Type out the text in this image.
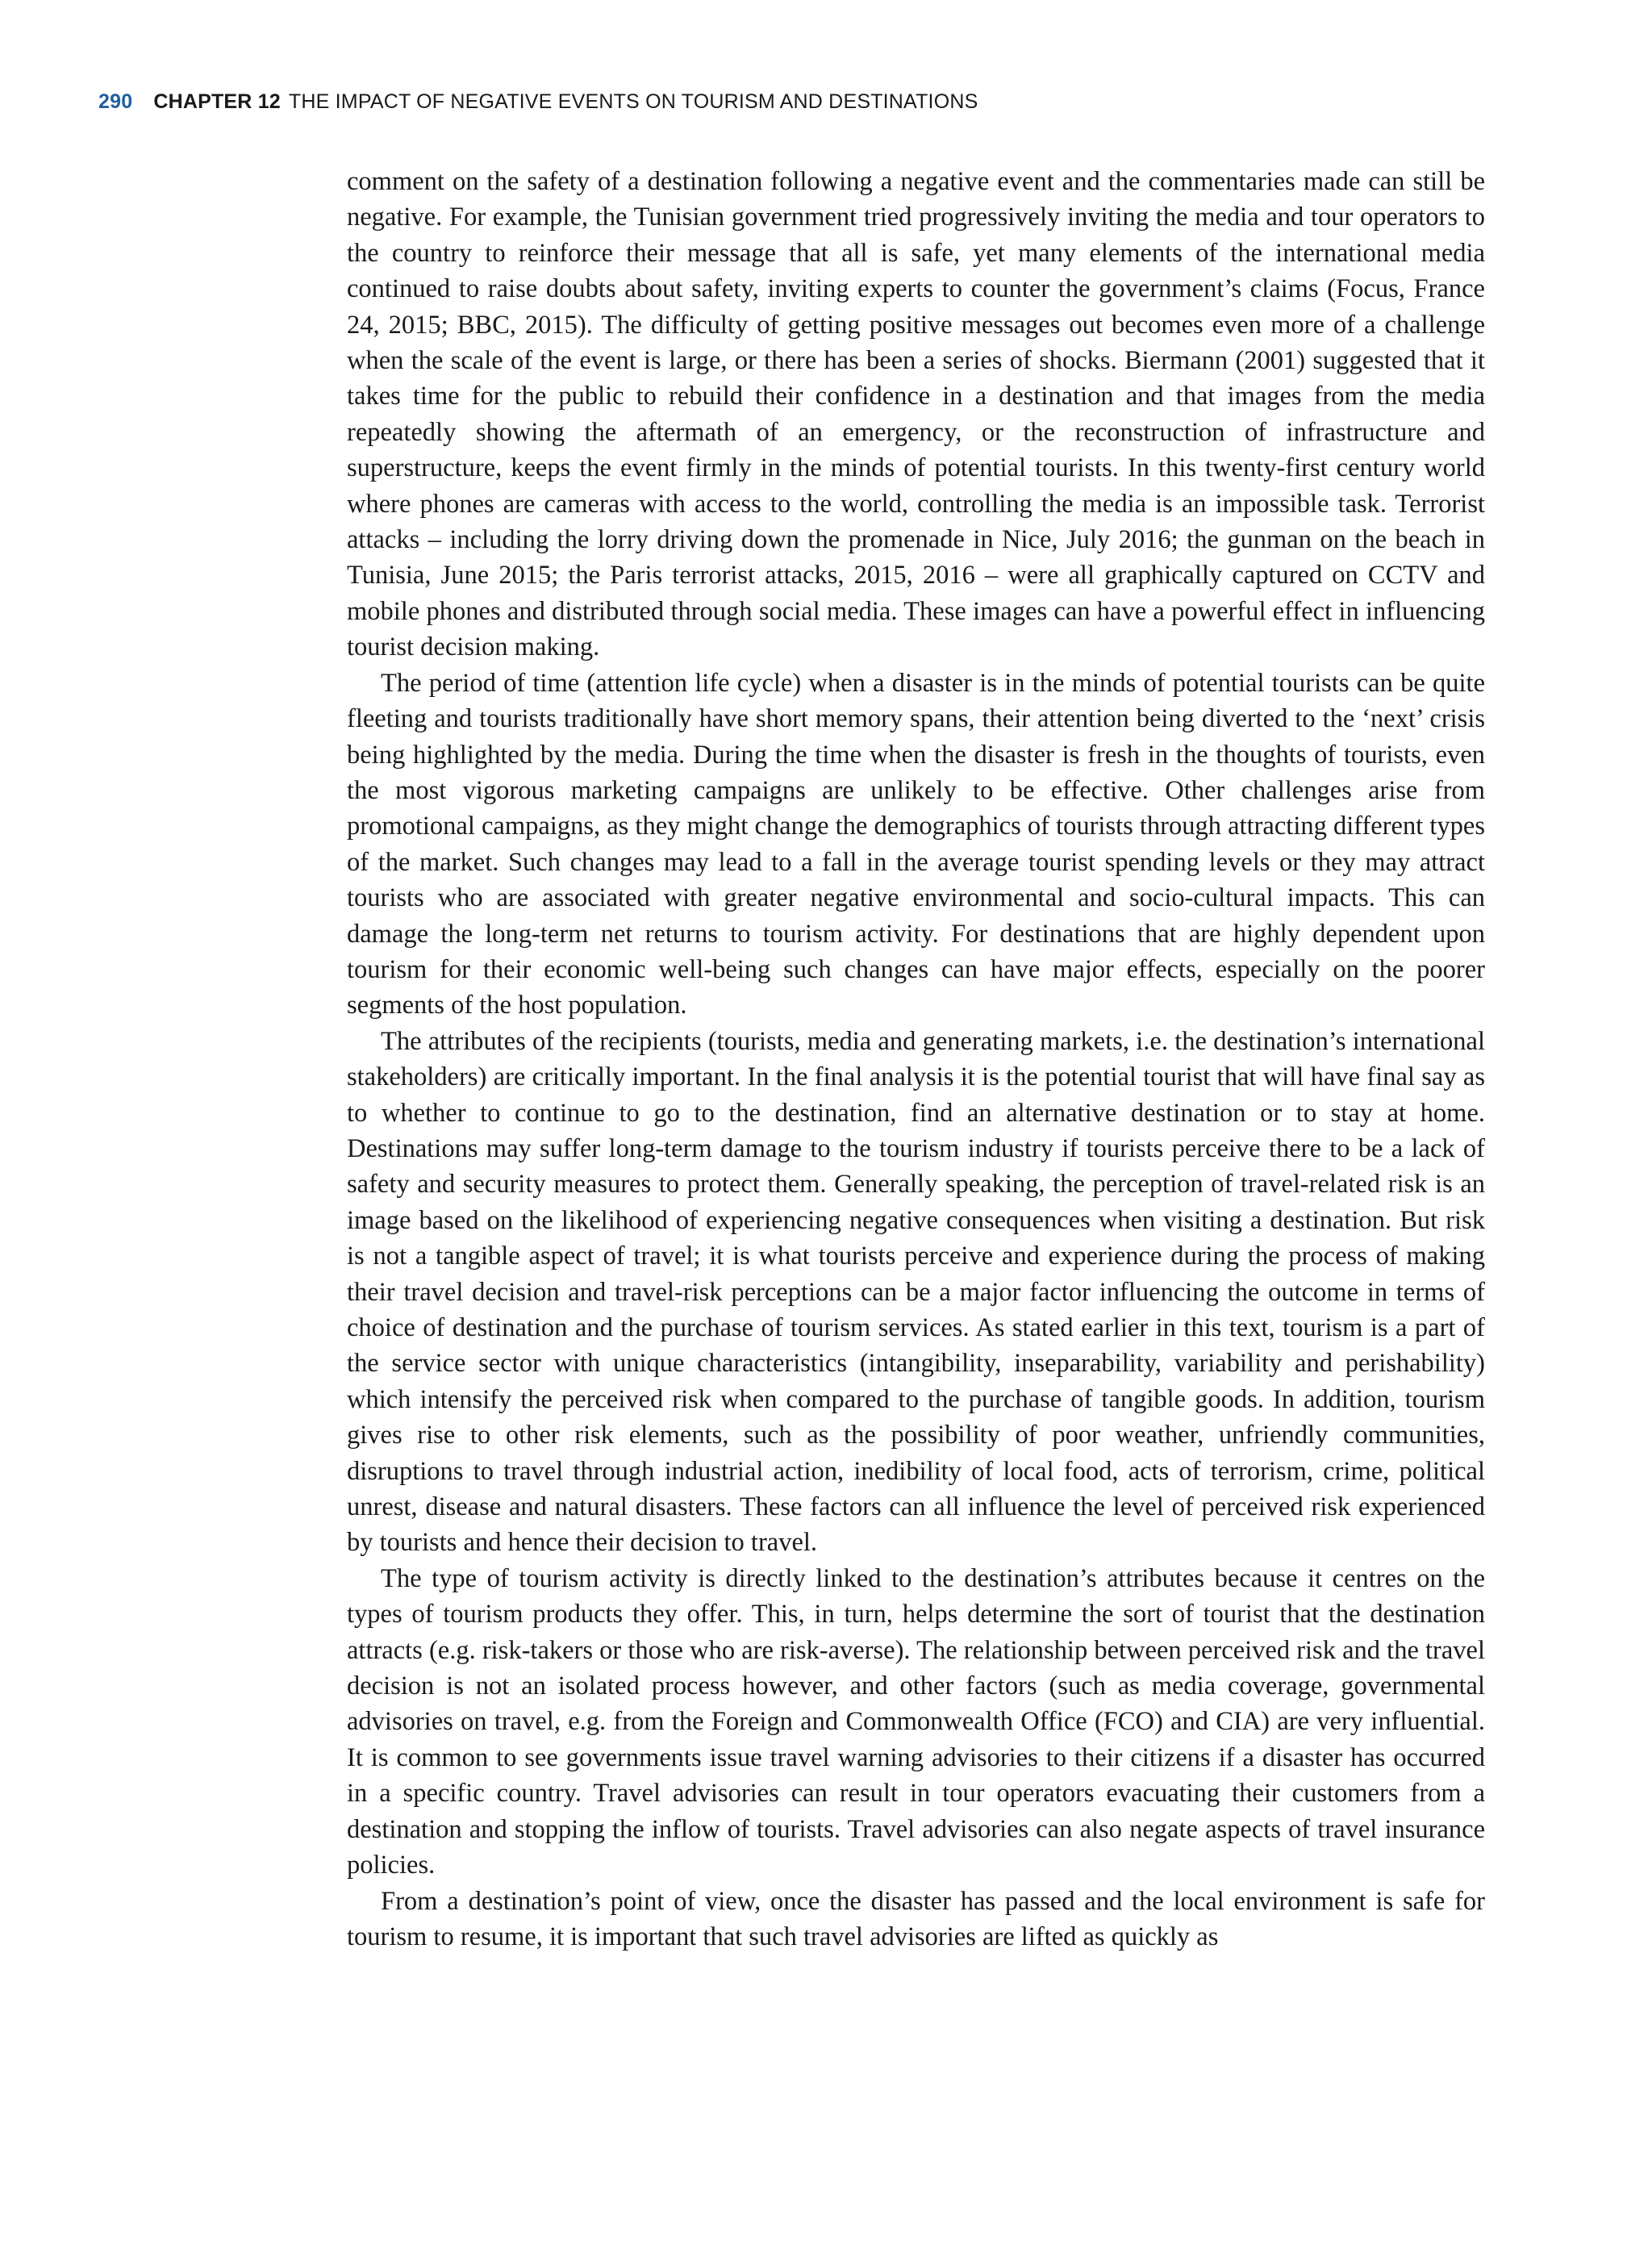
290 CHAPTER 12 THE IMPACT OF NEGATIVE EVENTS ON TOURISM AND DESTINATIONS

comment on the safety of a destination following a negative event and the commentaries made can still be negative. For example, the Tunisian government tried progressively inviting the media and tour operators to the country to reinforce their message that all is safe, yet many elements of the international media continued to raise doubts about safety, inviting experts to counter the government’s claims (Focus, France 24, 2015; BBC, 2015). The difficulty of getting positive messages out becomes even more of a challenge when the scale of the event is large, or there has been a series of shocks. Biermann (2001) suggested that it takes time for the public to rebuild their confidence in a destination and that images from the media repeatedly showing the aftermath of an emergency, or the reconstruction of infrastructure and superstructure, keeps the event firmly in the minds of potential tourists. In this twenty-first century world where phones are cameras with access to the world, controlling the media is an impossible task. Terrorist attacks – including the lorry driving down the promenade in Nice, July 2016; the gunman on the beach in Tunisia, June 2015; the Paris terrorist attacks, 2015, 2016 – were all graphically captured on CCTV and mobile phones and distributed through social media. These images can have a powerful effect in influencing tourist decision making.

The period of time (attention life cycle) when a disaster is in the minds of potential tourists can be quite fleeting and tourists traditionally have short memory spans, their attention being diverted to the ‘next’ crisis being highlighted by the media. During the time when the disaster is fresh in the thoughts of tourists, even the most vigorous marketing campaigns are unlikely to be effective. Other challenges arise from promotional campaigns, as they might change the demographics of tourists through attracting different types of the market. Such changes may lead to a fall in the average tourist spending levels or they may attract tourists who are associated with greater negative environmental and socio-cultural impacts. This can damage the long-term net returns to tourism activity. For destinations that are highly dependent upon tourism for their economic well-being such changes can have major effects, especially on the poorer segments of the host population.

The attributes of the recipients (tourists, media and generating markets, i.e. the destination’s international stakeholders) are critically important. In the final analysis it is the potential tourist that will have final say as to whether to continue to go to the destination, find an alternative destination or to stay at home. Destinations may suffer long-term damage to the tourism industry if tourists perceive there to be a lack of safety and security measures to protect them. Generally speaking, the perception of travel-related risk is an image based on the likelihood of experiencing negative consequences when visiting a destination. But risk is not a tangible aspect of travel; it is what tourists perceive and experience during the process of making their travel decision and travel-risk perceptions can be a major factor influencing the outcome in terms of choice of destination and the purchase of tourism services. As stated earlier in this text, tourism is a part of the service sector with unique characteristics (intangibility, inseparability, variability and perishability) which intensify the perceived risk when compared to the purchase of tangible goods. In addition, tourism gives rise to other risk elements, such as the possibility of poor weather, unfriendly communities, disruptions to travel through industrial action, inedibility of local food, acts of terrorism, crime, political unrest, disease and natural disasters. These factors can all influence the level of perceived risk experienced by tourists and hence their decision to travel.

The type of tourism activity is directly linked to the destination’s attributes because it centres on the types of tourism products they offer. This, in turn, helps determine the sort of tourist that the destination attracts (e.g. risk-takers or those who are risk-averse). The relationship between perceived risk and the travel decision is not an isolated process however, and other factors (such as media coverage, governmental advisories on travel, e.g. from the Foreign and Commonwealth Office (FCO) and CIA) are very influential. It is common to see governments issue travel warning advisories to their citizens if a disaster has occurred in a specific country. Travel advisories can result in tour operators evacuating their customers from a destination and stopping the inflow of tourists. Travel advisories can also negate aspects of travel insurance policies.

From a destination’s point of view, once the disaster has passed and the local environment is safe for tourism to resume, it is important that such travel advisories are lifted as quickly as
